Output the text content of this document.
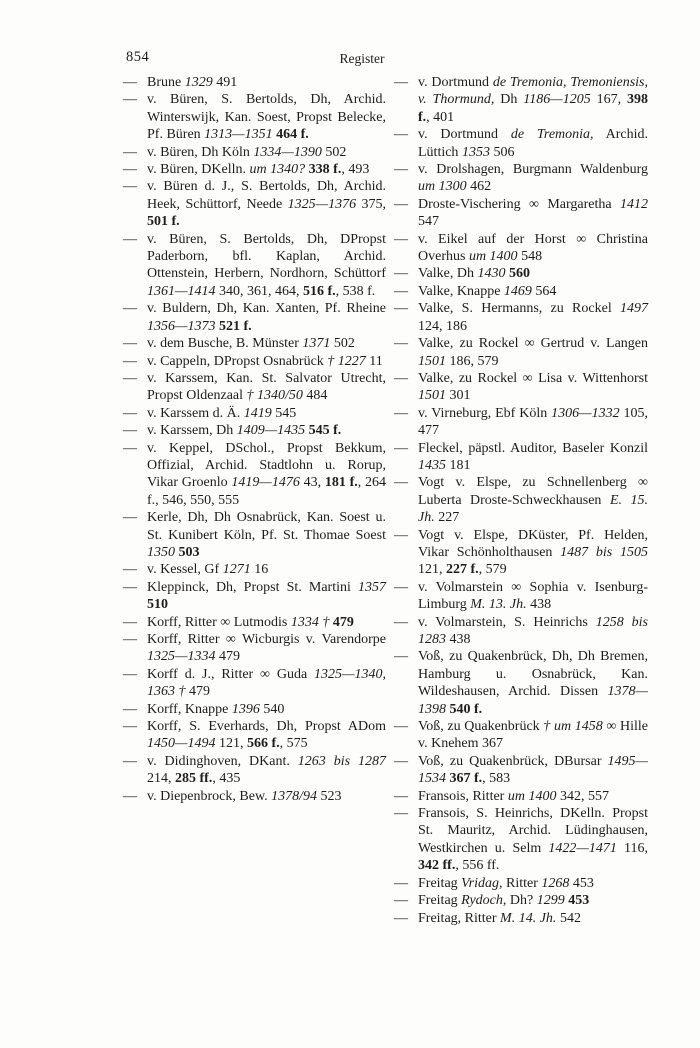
854	Register
— Brune 1329 491
— v. Büren, S. Bertolds, Dh, Archid. Winterswijk, Kan. Soest, Propst Belecke, Pf. Büren 1313—1351 464 f.
— v. Büren, Dh Köln 1334—1390 502
— v. Büren, DKelln. um 1340? 338 f., 493
— v. Büren d. J., S. Bertolds, Dh, Archid. Heek, Schüttorf, Neede 1325—1376 375, 501 f.
— v. Büren, S. Bertolds, Dh, DPropst Paderborn, bfl. Kaplan, Archid. Ottenstein, Herbern, Nordhorn, Schüttorf 1361—1414 340, 361, 464, 516 f., 538 f.
— v. Buldern, Dh, Kan. Xanten, Pf. Rheine 1356—1373 521 f.
— v. dem Busche, B. Münster 1371 502
— v. Cappeln, DPropst Osnabrück † 1227 11
— v. Karssem, Kan. St. Salvator Utrecht, Propst Oldenzaal † 1340/50 484
— v. Karssem d. Ä. 1419 545
— v. Karssem, Dh 1409—1435 545 f.
— v. Keppel, DSchol., Propst Bekkum, Offizial, Archid. Stadtlohn u. Rorup, Vikar Groenlo 1419—1476 43, 181 f., 264 f., 546, 550, 555
— Kerle, Dh, Dh Osnabrück, Kan. Soest u. St. Kunibert Köln, Pf. St. Thomae Soest 1350 503
— v. Kessel, Gf 1271 16
— Kleppinck, Dh, Propst St. Martini 1357 510
— Korff, Ritter ∞ Lutmodis 1334 † 479
— Korff, Ritter ∞ Wicburgis v. Varendorpe 1325—1334 479
— Korff d. J., Ritter ∞ Guda 1325—1340, 1363 † 479
— Korff, Knappe 1396 540
— Korff, S. Everhards, Dh, Propst ADom 1450—1494 121, 566 f., 575
— v. Didinghoven, DKant. 1263 bis 1287 214, 285 ff., 435
— v. Diepenbrock, Bew. 1378/94 523
— v. Dortmund de Tremonia, Tremoniensis, v. Thormund, Dh 1186—1205 167, 398 f., 401
— v. Dortmund de Tremonia, Archid. Lüttich 1353 506
— v. Drolshagen, Burgmann Waldenburg um 1300 462
— Droste-Vischering ∞ Margaretha 1412 547
— v. Eikel auf der Horst ∞ Christina Overhus um 1400 548
— Valke, Dh 1430 560
— Valke, Knappe 1469 564
— Valke, S. Hermanns, zu Rockel 1497 124, 186
— Valke, zu Rockel ∞ Gertrud v. Langen 1501 186, 579
— Valke, zu Rockel ∞ Lisa v. Wittenhorst 1501 301
— v. Virneburg, Ebf Köln 1306—1332 105, 477
— Fleckel, päpstl. Auditor, Baseler Konzil 1435 181
— Vogt v. Elspe, zu Schnellenberg ∞ Luberta Droste-Schweckhausen E. 15. Jh. 227
— Vogt v. Elspe, DKüster, Pf. Helden, Vikar Schönholthausen 1487 bis 1505 121, 227 f., 579
— v. Volmarstein ∞ Sophia v. Isenburg-Limburg M. 13. Jh. 438
— v. Volmarstein, S. Heinrichs 1258 bis 1283 438
— Voß, zu Quakenbrück, Dh, Dh Bremen, Hamburg u. Osnabrück, Kan. Wildeshausen, Archid. Dissen 1378—1398 540 f.
— Voß, zu Quakenbrück † um 1458 ∞ Hille v. Knehem 367
— Voß, zu Quakenbrück, DBursar 1495—1534 367 f., 583
— Fransois, Ritter um 1400 342, 557
— Fransois, S. Heinrichs, DKelln. Propst St. Mauritz, Archid. Lüdinghausen, Westkirchen u. Selm 1422—1471 116, 342 ff., 556 ff.
— Freitag Vridag, Ritter 1268 453
— Freitag Rydoch, Dh? 1299 453
— Freitag, Ritter M. 14. Jh. 542
